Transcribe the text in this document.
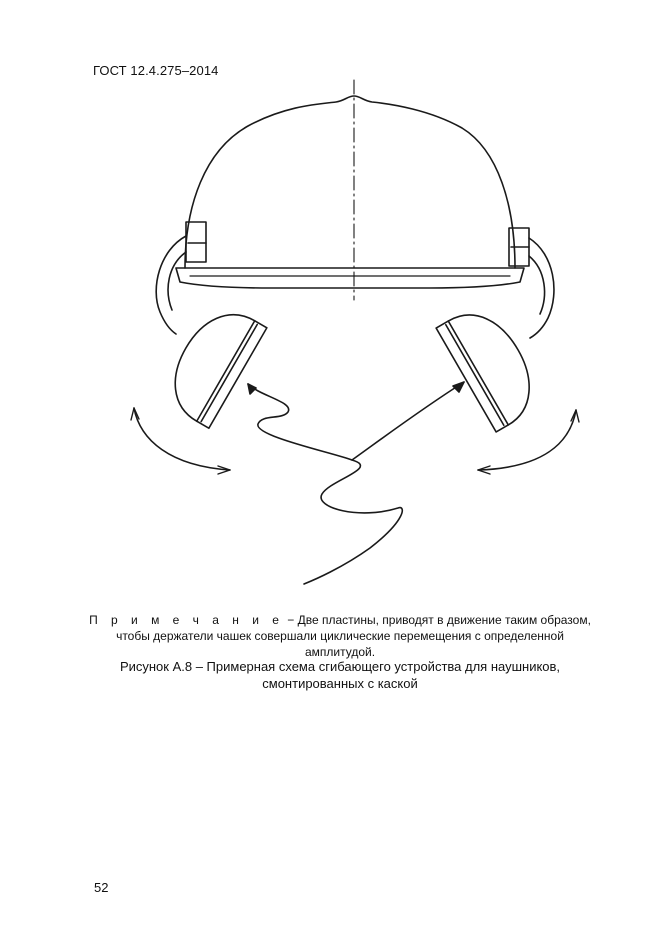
ГОСТ 12.4.275–2014
П р и м е ч а н и е − Две пластины, приводят в движение таким образом, чтобы держатели чашек совершали циклические перемещения с определенной амплитудой.
Рисунок А.8 – Примерная схема сгибающего устройства для наушников,
смонтированных с каской
52
